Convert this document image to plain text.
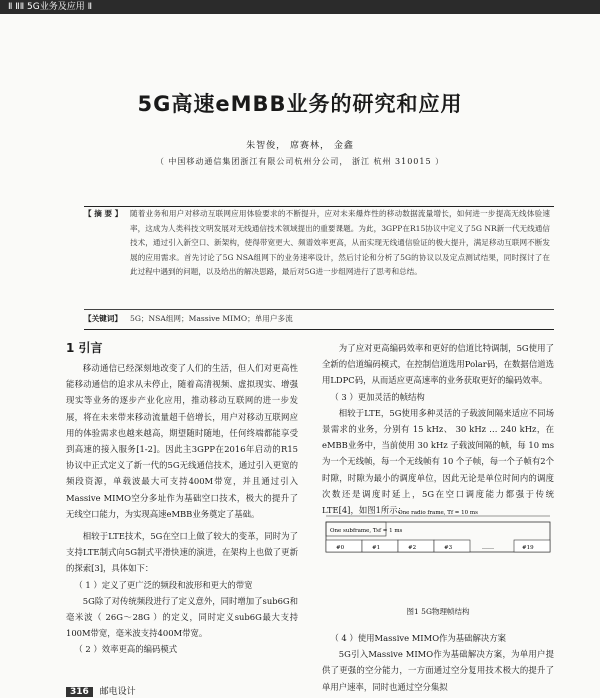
Ⅱ ⅡⅡ 5G业务及应用 Ⅱ
5G高速eMBB业务的研究和应用
朱智俊， 席赛林， 金鑫
（ 中国移动通信集团浙江有限公司杭州分公司， 浙江 杭州 310015 ）
【 摘 要 】 随着业务和用户对移动互联网应用体验要求的不断提升，应对未来爆炸性的移动数据流量增长，如何进一步提高无线体验速率，这成为人类科技文明发展对无线通信技术领域提出的重要课题。为此，3GPP在R15协议中定义了5G NR新一代无线通信技术，通过引入新空口、新架构，使得带宽更大、频谱效率更高，从而实现无线通信验证的极大提升，满足移动互联网不断发展的应用需求。首先讨论了5G NSA组网下的业务速率设计，然后讨论和分析了5G的协议以及定点测试结果，同时探讨了在此过程中遇到的问题，以及给出的解决思路，最后对5G进一步组网进行了思考和总结。
【关键词】 5G；NSA组网；Massive MIMO；单用户多流
1 引言

移动通信已经深刻地改变了人们的生活，但人们对更高性能移动通信的追求从未停止，随着高清视频、虚拟现实、增强现实等业务的逐步产业化应用，推动移动互联网的进一步发展，将在未来带来移动流量超千倍增长，用户对移动互联网应用的体验需求也越来越高，期望随时随地，任何终端都能享受到高速的接入服务[1-2]。因此主3GPP在2016年启动的R15协议中正式定义了新一代的5G无线通信技术，通过引入更宽的频段资源，单载波最大可支持400M带宽，并且通过引入Massive MIMO空分多址作为基础空口技术，极大的提升了无线空口能力，为实现高速eMBB业务奠定了基础。

相较于LTE技术，5G在空口上做了较大的变革，同时为了支持LTE制式向5G制式平滑快速的演进，在架构上也做了更新的探索[3]，具体如下：

（ 1 ）定义了更广泛的频段和波形和更大的带宽

5G除了对传统频段进行了定义意外，同时增加了sub6G和毫米波（ 26G～28G ）的定义，同时定义sub6G最大支持100M带宽，毫米波支持400M带宽。

（ 2 ）效率更高的编码模式

为了应对更高编码效率和更好的信道比特调制，5G使用了全新的信道编码模式，在控制信道选用Polar码，在数据信道选用LDPC码，从而适应更高速率的业务获取更好的编码效率。

（ 3 ）更加灵活的帧结构

相较于LTE，5G使用多种灵活的子载波间隔来适应不同场景需求的业务，分别有 15 kHz、 30 kHz … 240 kHz，在eMBB业务中，当前使用 30 kHz 子载波间隔的帧，每 10 ms为一个无线帧，每一个无线帧有 10 个子帧，每一个子帧有2个时隙，时隙为最小的调度单位，因此无论是单位时间内的调度次数还是调度时延上，5G在空口调度能力都强于传统LTE[4]，如图1所示：

One radio frame, Tf = 10 ms
One subframe, Tsf = 1 ms
#0	#1	#2	#3	#19
……
图1 5G物理帧结构

（ 4 ）使用Massive MIMO作为基础解决方案

5G引入Massive MIMO作为基础解决方案，为单用户提供了更强的空分能力，一方面通过空分复用技术极大的提升了单用户速率，同时也通过空分集拟

316 邮电设计
